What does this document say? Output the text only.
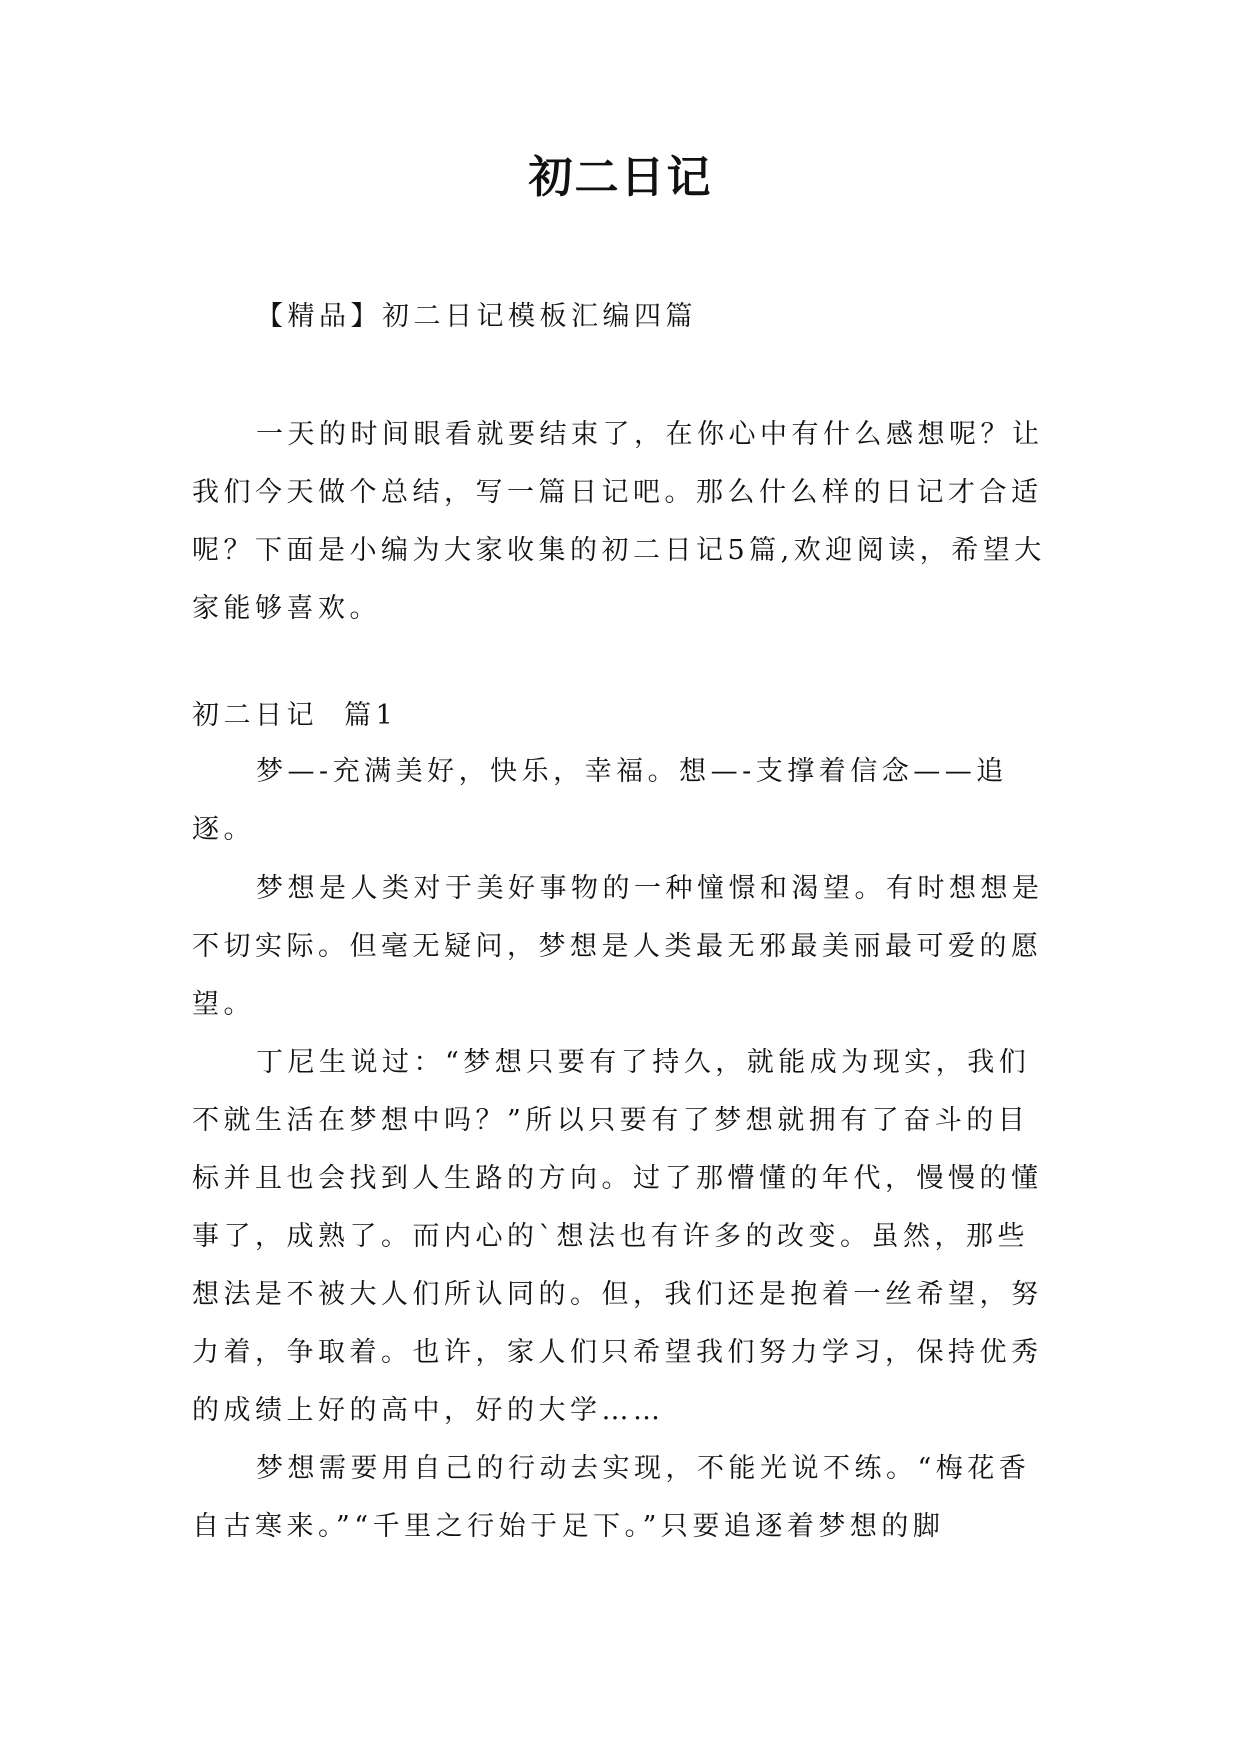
初二日记

【精品】初二日记模板汇编四篇

一天的时间眼看就要结束了，在你心中有什么感想呢？让我们今天做个总结，写一篇日记吧。那么什么样的日记才合适呢？下面是小编为大家收集的初二日记5篇,欢迎阅读，希望大家能够喜欢。

初二日记  篇1

梦—-充满美好，快乐，幸福。想—-支撑着信念——追逐。

梦想是人类对于美好事物的一种憧憬和渴望。有时想想是不切实际。但毫无疑问，梦想是人类最无邪最美丽最可爱的愿望。

丁尼生说过：“梦想只要有了持久，就能成为现实，我们不就生活在梦想中吗？”所以只要有了梦想就拥有了奋斗的目标并且也会找到人生路的方向。过了那懵懂的年代，慢慢的懂事了，成熟了。而内心的`想法也有许多的改变。虽然，那些想法是不被大人们所认同的。但，我们还是抱着一丝希望，努力着，争取着。也许，家人们只希望我们努力学习，保持优秀的成绩上好的高中，好的大学……

梦想需要用自己的行动去实现，不能光说不练。“梅花香自古寒来。”“千里之行始于足下。”只要追逐着梦想的脚
